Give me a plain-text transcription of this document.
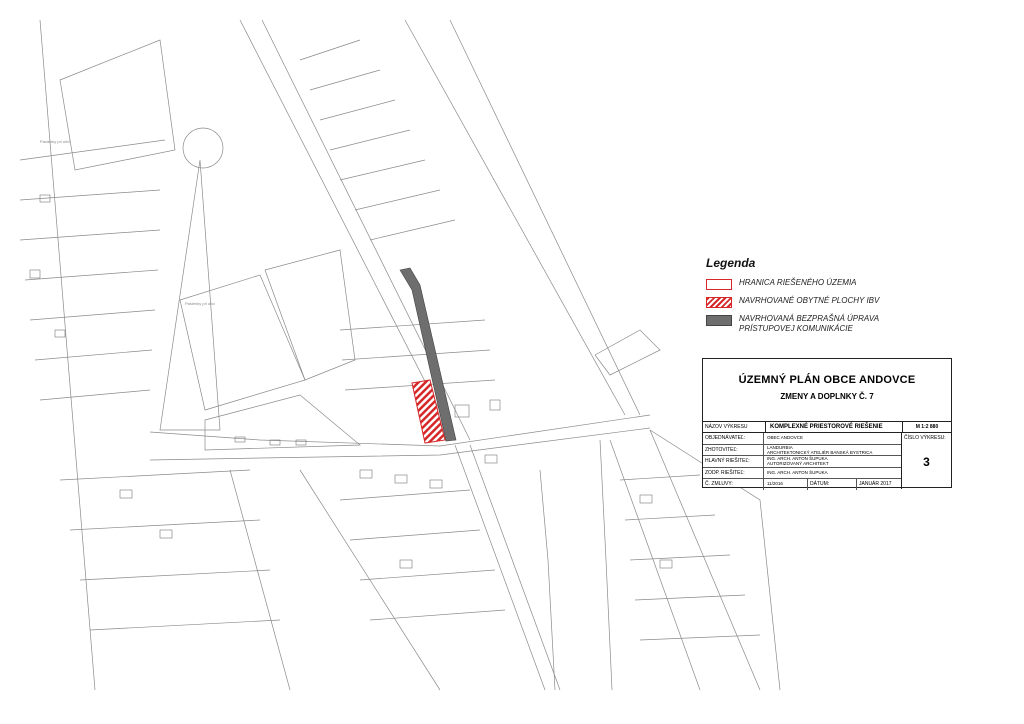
Pasienky pri ulici
Pasienky pri ulici
Legenda
HRANICA RIEŠENÉHO ÚZEMIA
NAVRHOVANÉ OBYTNÉ PLOCHY IBV
NAVRHOVANÁ BEZPRAŠNÁ ÚPRAVA PRÍSTUPOVEJ KOMUNIKÁCIE
ÚZEMNÝ PLÁN OBCE ANDOVCE
ZMENY A DOPLNKY Č. 7
NÁZOV VÝKRESU	KOMPLEXNÉ PRIESTOROVÉ RIEŠENIE	M 1:2 880
OBJEDNÁVATEĽ:	OBEC ANDOVCE
ZHOTOVITEĽ:	LANDURBIA
ARCHITEKTONICKÝ ATELIÉR BANSKÁ BYSTRICA
HLAVNÝ RIEŠITEĽ:	ING. ARCH. ANTON ŠUPUKA
AUTORIZOVANÝ ARCHITEKT
ZODP. RIEŠITEĽ:	ING. ARCH. ANTON ŠUPUKA
Č. ZMLUVY:	11/2016	DÁTUM:	JANUÁR 2017
ČÍSLO VÝKRESU:
3
